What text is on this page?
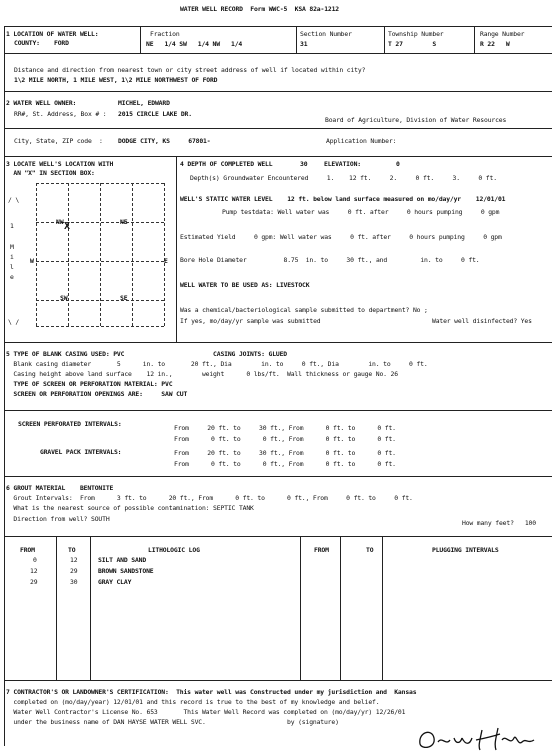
WATER WELL RECORD  Form WWC-5  KSA 82a-1212
1 LOCATION OF WATER WELL:
COUNTY: FORD
Fraction
NE   1/4 SW   1/4 NW   1/4
Section Number
31
Township Number
T 27        S
Range Number
R 22   W
Distance and direction from nearest town or city street address of well if located within city?
1\2 MILE NORTH, 1 MILE WEST, 1\2 MILE NORTHWEST OF FORD
2 WATER WELL OWNER:	MICHEL, EDWARD
RR#, St. Address, Box # : 2015 CIRCLE LAKE DR.
Board of Agriculture, Division of Water Resources
City, State, ZIP code  : DODGE CITY, KS     67801-	Application Number:
3 LOCATE WELL'S LOCATION WITH
AN "X" IN SECTION BOX:
/ \
1
M
i
l
e
\ /
NW X	NE
W	E
SW	SE
4 DEPTH OF COMPLETED WELL	30	ELEVATION:	0
Depth(s) Groundwater Encountered     1.    12 ft.     2.     0 ft.     3.     0 ft.
WELL'S STATIC WATER LEVEL    12 ft. below land surface measured on mo/day/yr    12/01/01
Pump testdata: Well water was     0 ft. after     0 hours pumping     0 gpm
Estimated Yield     0 gpm: Well water was     0 ft. after     0 hours pumping     0 gpm
Bore Hole Diameter          8.75  in. to     30 ft., and         in. to     0 ft.
WELL WATER TO BE USED AS: LIVESTOCK
Was a chemical/bacteriological sample submitted to department? No ;
If yes, mo/day/yr sample was submitted	Water well disinfected? Yes
5 TYPE OF BLANK CASING USED: PVC                        CASING JOINTS: GLUED
Blank casing diameter       5      in. to       20 ft., Dia        in. to     0 ft., Dia        in. to     0 ft.
Casing height above land surface    12 in.,        weight      0 lbs/ft.  Wall thickness or gauge No. 26
TYPE OF SCREEN OR PERFORATION MATERIAL: PVC
SCREEN OR PERFORATION OPENINGS ARE:     SAW CUT
SCREEN PERFORATED INTERVALS:	From     20 ft. to     30 ft., From      0 ft. to      0 ft.
From      0 ft. to      0 ft., From      0 ft. to      0 ft.
GRAVEL PACK INTERVALS:	From     20 ft. to     30 ft., From      0 ft. to      0 ft.
From      0 ft. to      0 ft., From      0 ft. to      0 ft.
6 GROUT MATERIAL    BENTONITE
Grout Intervals:  From      3 ft. to      20 ft., From      0 ft. to      0 ft., From     0 ft. to     0 ft.
What is the nearest source of possible contamination: SEPTIC TANK
Direction from well? SOUTH	How many feet?   100
FROM	TO	LITHOLOGIC LOG	FROM	TO	PLUGGING INTERVALS
0	12	SILT AND SAND
12	29	BROWN SANDSTONE
29	30	GRAY CLAY
7 CONTRACTOR'S OR LANDOWNER'S CERTIFICATION:  This water well was Constructed under my jurisdiction and  Kansas
completed on (mo/day/year) 12/01/01 and this record is true to the best of my knowledge and belief.
Water Well Contractor's License No. 653       This Water Well Record was completed on (mo/day/yr) 12/26/01
under the business name of DAN HAYSE WATER WELL SVC.                      by (signature)
